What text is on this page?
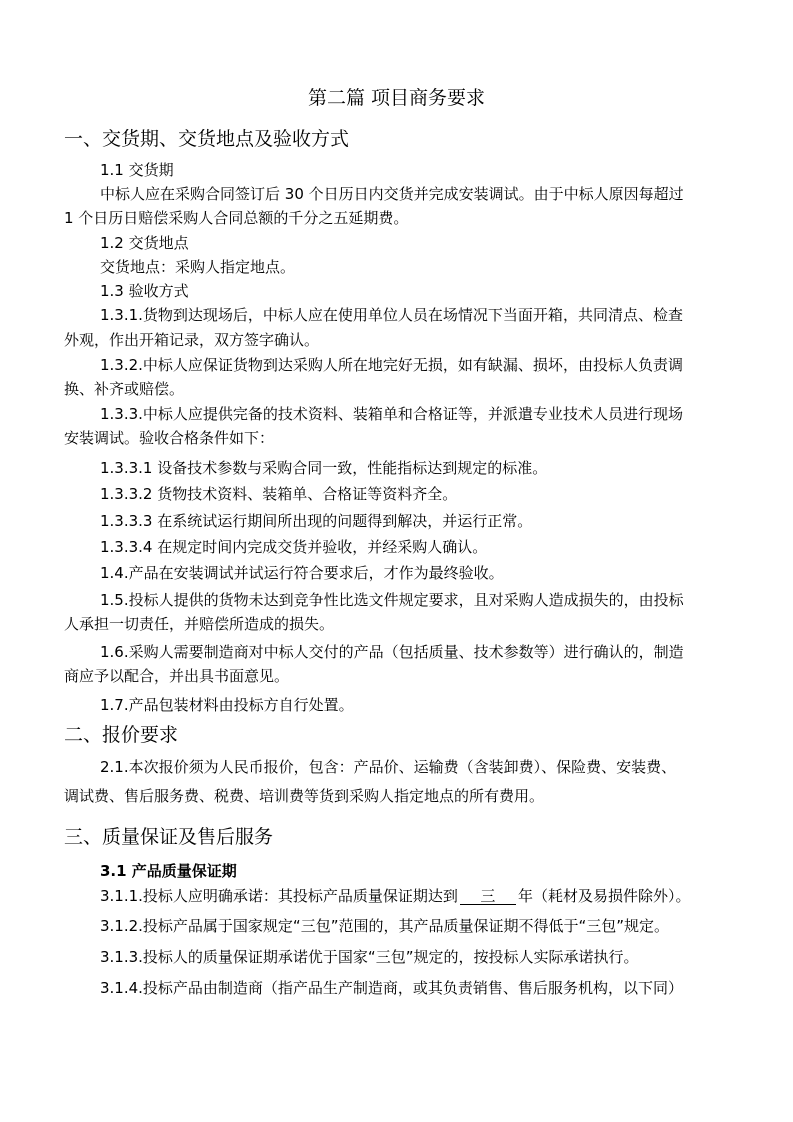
第二篇 项目商务要求
一、交货期、交货地点及验收方式
1.1 交货期
中标人应在采购合同签订后 30 个日历日内交货并完成安装调试。由于中标人原因每超过
1 个日历日赔偿采购人合同总额的千分之五延期费。
1.2 交货地点
交货地点：采购人指定地点。
1.3 验收方式
1.3.1.货物到达现场后，中标人应在使用单位人员在场情况下当面开箱，共同清点、检查
外观，作出开箱记录，双方签字确认。
1.3.2.中标人应保证货物到达采购人所在地完好无损，如有缺漏、损坏，由投标人负责调
换、补齐或赔偿。
1.3.3.中标人应提供完备的技术资料、装箱单和合格证等，并派遣专业技术人员进行现场
安装调试。验收合格条件如下：
1.3.3.1 设备技术参数与采购合同一致，性能指标达到规定的标准。
1.3.3.2 货物技术资料、装箱单、合格证等资料齐全。
1.3.3.3 在系统试运行期间所出现的问题得到解决，并运行正常。
1.3.3.4 在规定时间内完成交货并验收，并经采购人确认。
1.4.产品在安装调试并试运行符合要求后，才作为最终验收。
1.5.投标人提供的货物未达到竞争性比选文件规定要求，且对采购人造成损失的，由投标
人承担一切责任，并赔偿所造成的损失。
1.6.采购人需要制造商对中标人交付的产品（包括质量、技术参数等）进行确认的，制造
商应予以配合，并出具书面意见。
1.7.产品包装材料由投标方自行处置。
二、报价要求
2.1.本次报价须为人民币报价，包含：产品价、运输费（含装卸费）、保险费、安装费、
调试费、售后服务费、税费、培训费等货到采购人指定地点的所有费用。
三、质量保证及售后服务
3.1 产品质量保证期
3.1.1.投标人应明确承诺：其投标产品质量保证期达到 三 年（耗材及易损件除外）。
3.1.2.投标产品属于国家规定“三包”范围的，其产品质量保证期不得低于“三包”规定。
3.1.3.投标人的质量保证期承诺优于国家“三包”规定的，按投标人实际承诺执行。
3.1.4.投标产品由制造商（指产品生产制造商，或其负责销售、售后服务机构，以下同）
